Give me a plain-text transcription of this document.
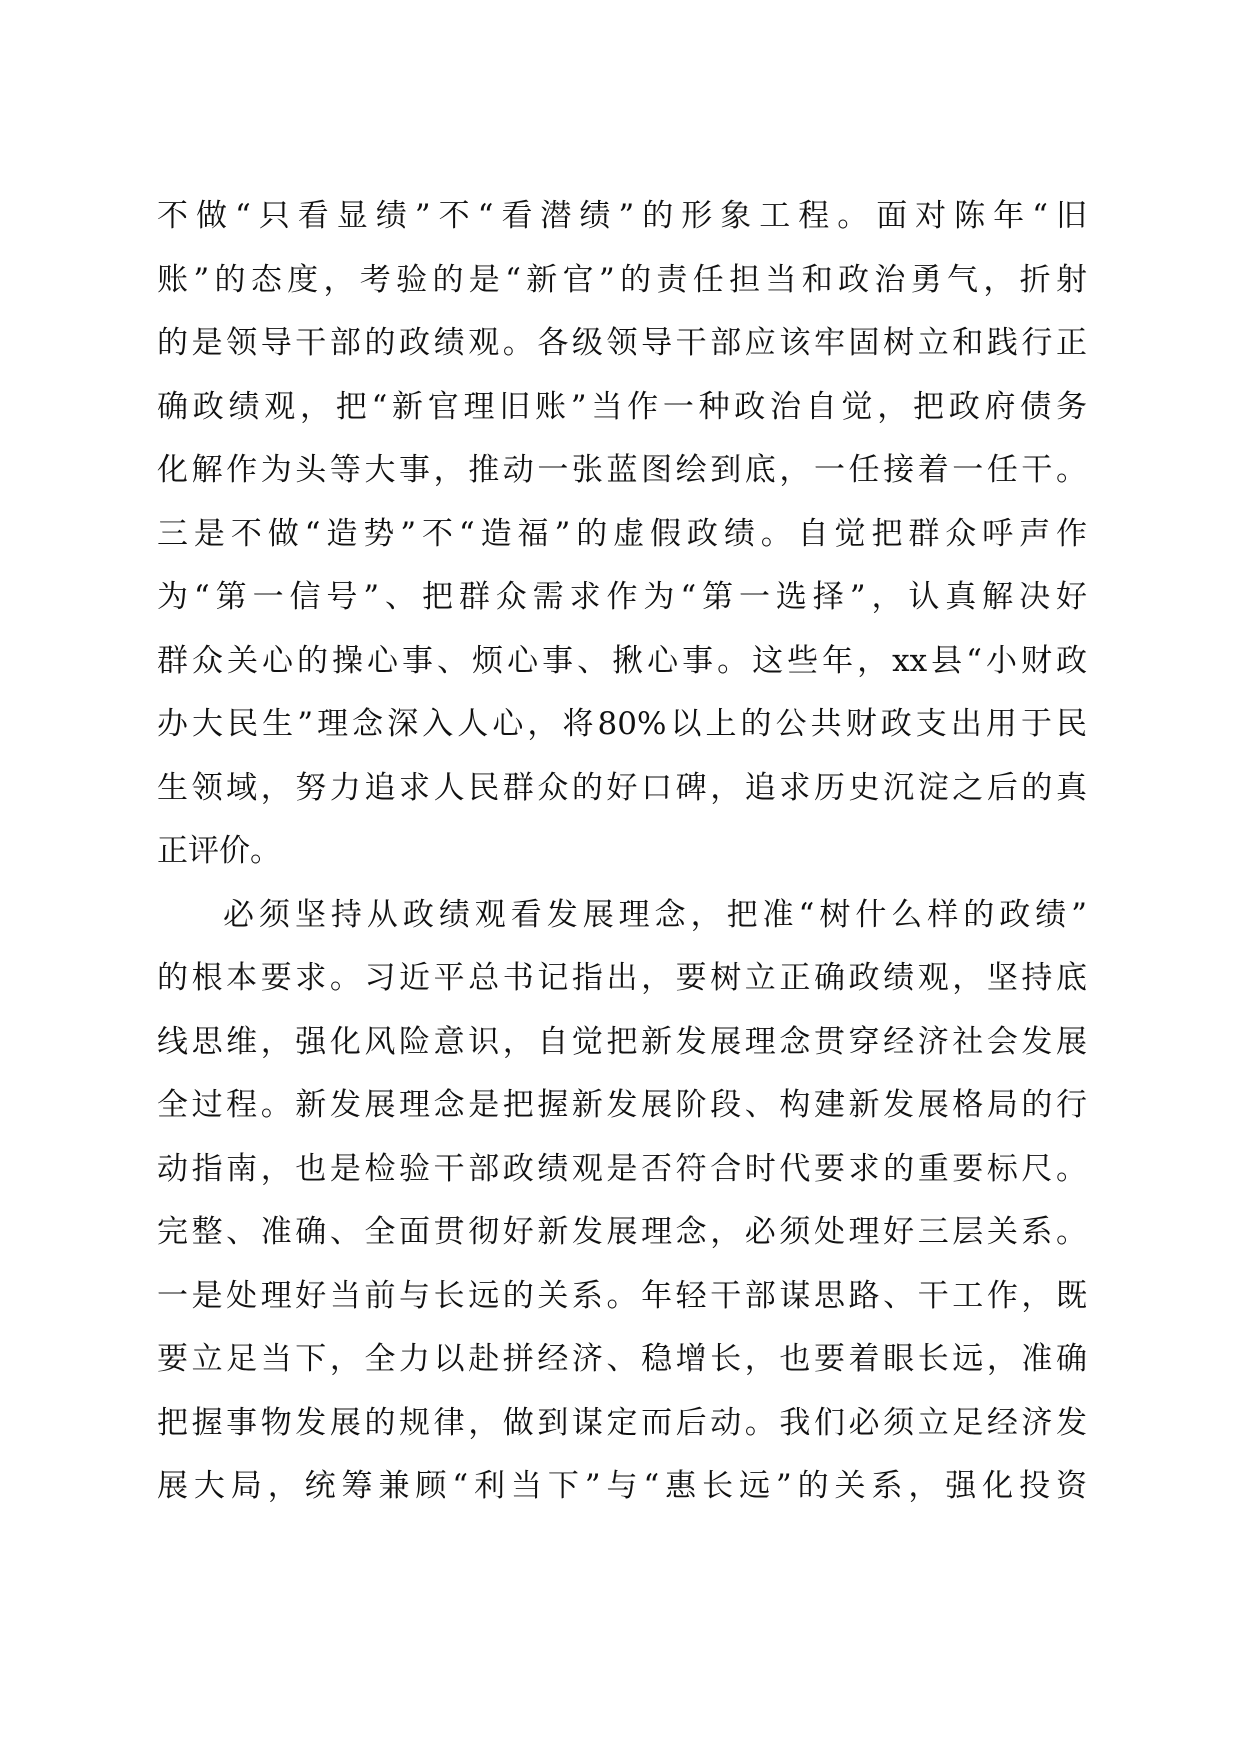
不做“只看显绩”不“看潜绩”的形象工程。面对陈年“旧
账”的态度，考验的是“新官”的责任担当和政治勇气，折射
的是领导干部的政绩观。各级领导干部应该牢固树立和践行正
确政绩观，把“新官理旧账”当作一种政治自觉，把政府债务
化解作为头等大事，推动一张蓝图绘到底，一任接着一任干。
三是不做“造势”不“造福”的虚假政绩。自觉把群众呼声作
为“第一信号”、把群众需求作为“第一选择”，认真解决好
群众关心的操心事、烦心事、揪心事。这些年，xx县“小财政
办大民生”理念深入人心，将80%以上的公共财政支出用于民
生领域，努力追求人民群众的好口碑，追求历史沉淀之后的真
正评价。
必须坚持从政绩观看发展理念，把准“树什么样的政绩”
的根本要求。习近平总书记指出，要树立正确政绩观，坚持底
线思维，强化风险意识，自觉把新发展理念贯穿经济社会发展
全过程。新发展理念是把握新发展阶段、构建新发展格局的行
动指南，也是检验干部政绩观是否符合时代要求的重要标尺。
完整、准确、全面贯彻好新发展理念，必须处理好三层关系。
一是处理好当前与长远的关系。年轻干部谋思路、干工作，既
要立足当下，全力以赴拼经济、稳增长，也要着眼长远，准确
把握事物发展的规律，做到谋定而后动。我们必须立足经济发
展大局，统筹兼顾“利当下”与“惠长远”的关系，强化投资
